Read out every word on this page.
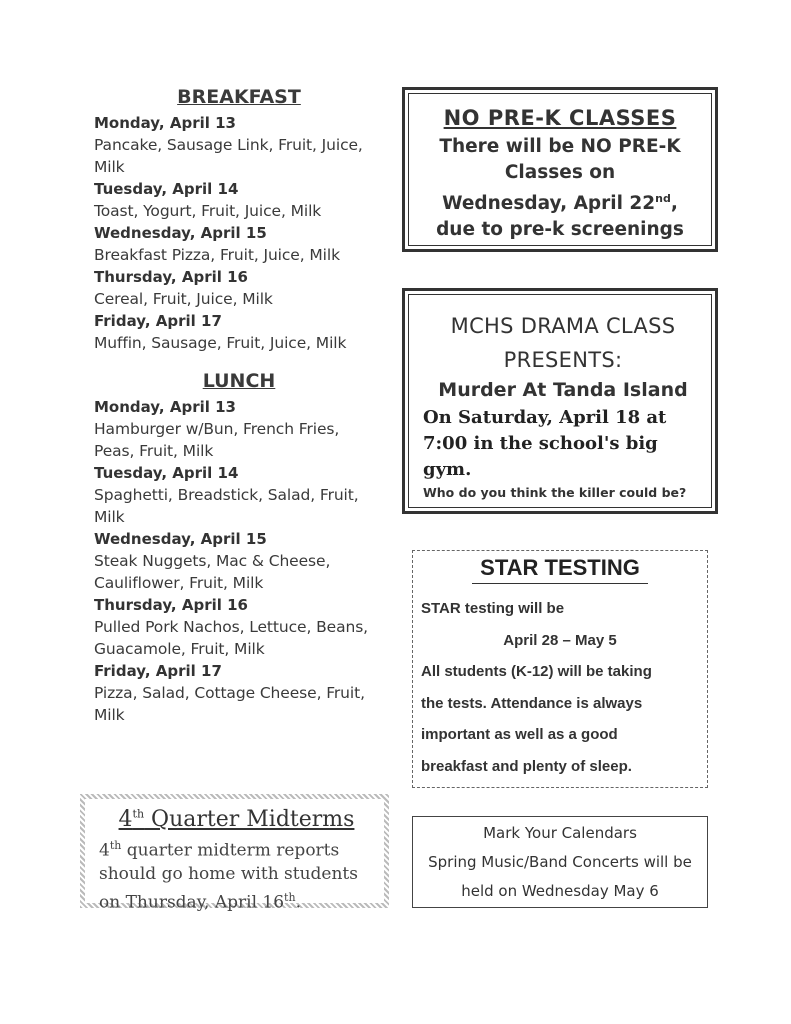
BREAKFAST
Monday, April 13
Pancake, Sausage Link, Fruit, Juice, Milk
Tuesday, April 14
Toast, Yogurt, Fruit, Juice, Milk
Wednesday, April 15
Breakfast Pizza, Fruit, Juice, Milk
Thursday, April 16
Cereal, Fruit, Juice, Milk
Friday, April 17
Muffin, Sausage, Fruit, Juice, Milk
LUNCH
Monday, April 13
Hamburger w/Bun, French Fries, Peas, Fruit, Milk
Tuesday, April 14
Spaghetti, Breadstick, Salad, Fruit, Milk
Wednesday, April 15
Steak Nuggets, Mac & Cheese, Cauliflower, Fruit, Milk
Thursday, April 16
Pulled Pork Nachos, Lettuce, Beans, Guacamole, Fruit, Milk
Friday, April 17
Pizza, Salad, Cottage Cheese, Fruit, Milk
NO PRE-K CLASSES
There will be NO PRE-K
Classes on
Wednesday, April 22nd,
due to pre-k screenings
MCHS DRAMA CLASS
PRESENTS:
Murder At Tanda Island
On Saturday, April 18 at 7:00 in the school's big gym.
Who do you think the killer could be?
STAR TESTING
STAR testing will be
April 28 – May 5
All students (K-12) will be taking
the tests. Attendance is always
important as well as a good
breakfast and plenty of sleep.
4th Quarter Midterms
4th quarter midterm reports should go home with students on Thursday, April 16th.
Mark Your Calendars
Spring Music/Band Concerts will be
held on Wednesday May 6
